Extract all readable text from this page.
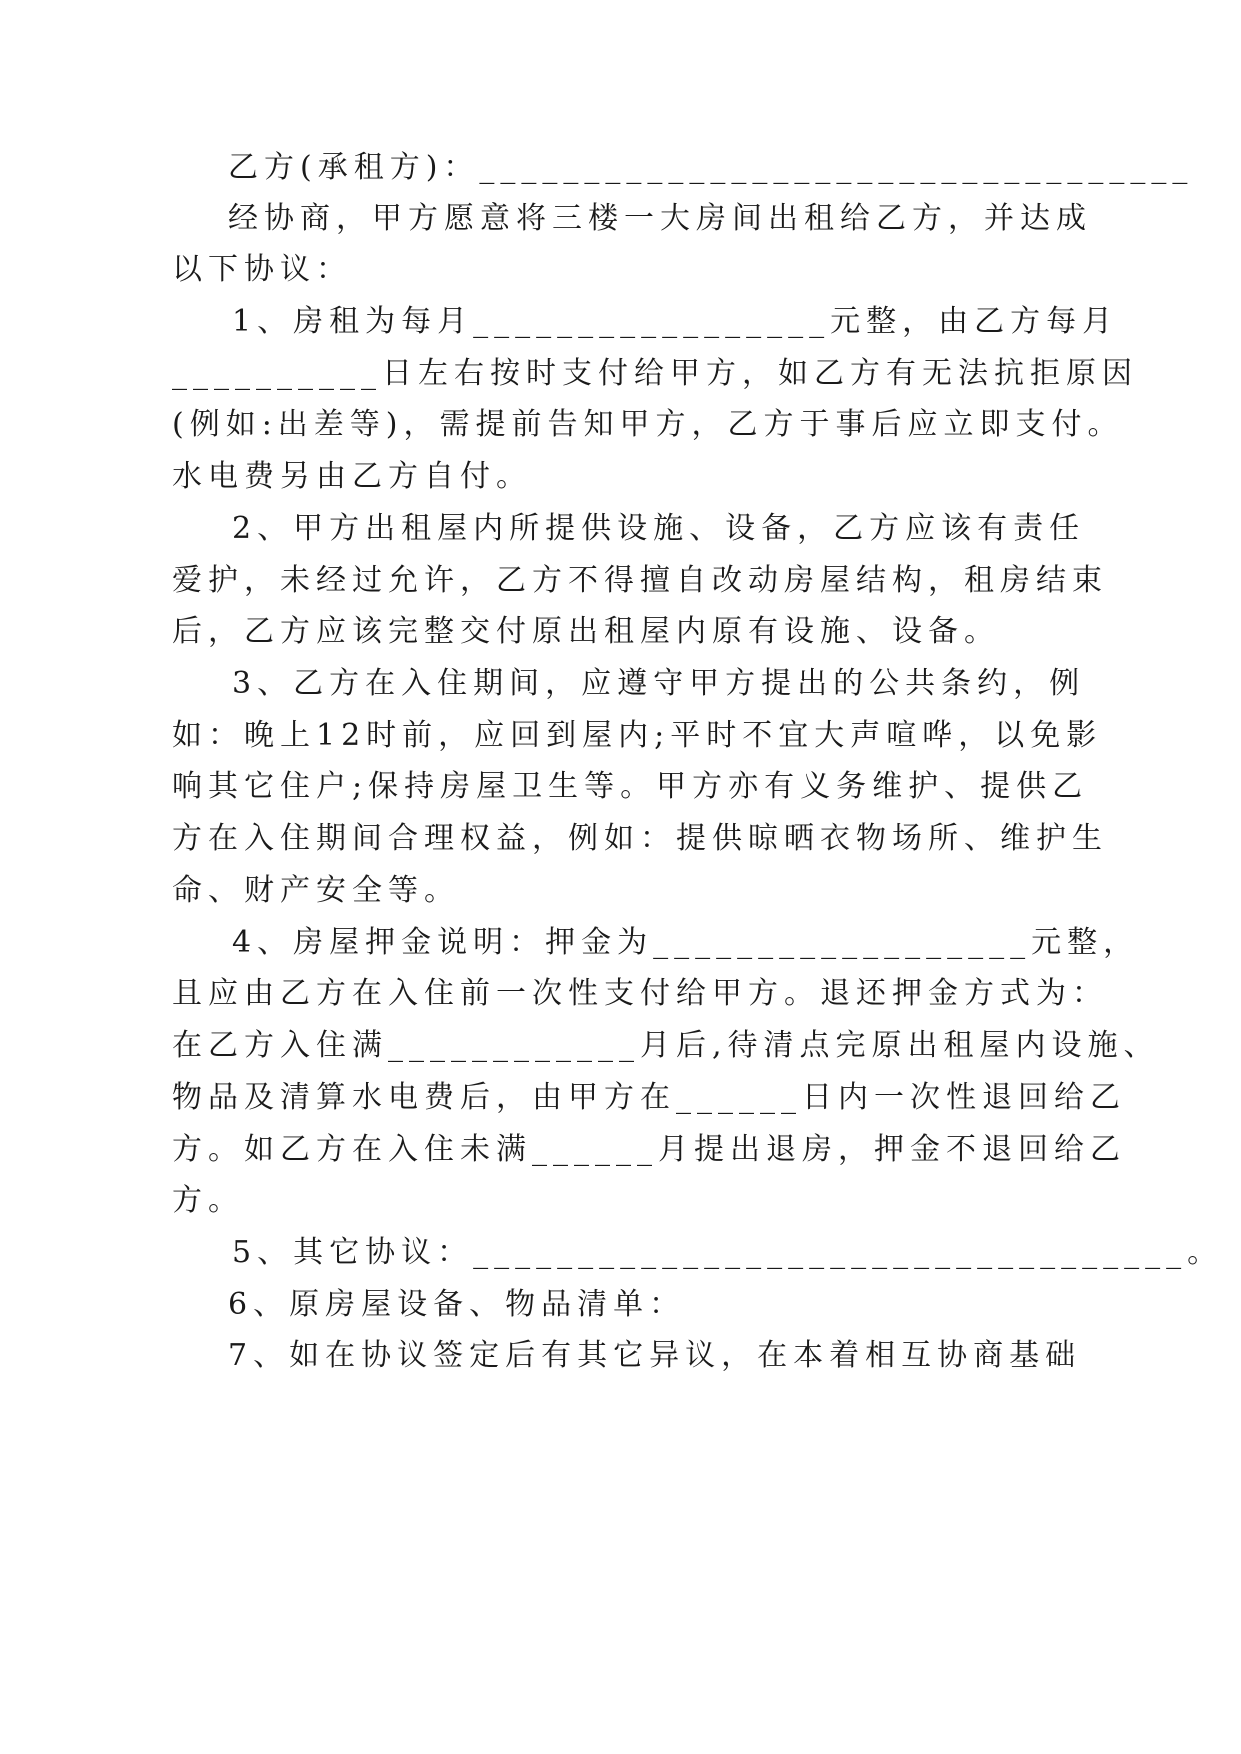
乙方(承租方)：__________________________________
经协商，甲方愿意将三楼一大房间出租给乙方，并达成
以下协议：
1、房租为每月_________________元整，由乙方每月
__________日左右按时支付给甲方，如乙方有无法抗拒原因
(例如:出差等)，需提前告知甲方，乙方于事后应立即支付。
水电费另由乙方自付。
2、甲方出租屋内所提供设施、设备，乙方应该有责任
爱护，未经过允许，乙方不得擅自改动房屋结构，租房结束
后，乙方应该完整交付原出租屋内原有设施、设备。
3、乙方在入住期间，应遵守甲方提出的公共条约，例
如：晚上12时前，应回到屋内;平时不宜大声喧哗，以免影
响其它住户;保持房屋卫生等。甲方亦有义务维护、提供乙
方在入住期间合理权益，例如：提供晾晒衣物场所、维护生
命、财产安全等。
4、房屋押金说明：押金为__________________元整，
且应由乙方在入住前一次性支付给甲方。退还押金方式为：
在乙方入住满____________月后,待清点完原出租屋内设施、
物品及清算水电费后，由甲方在______日内一次性退回给乙
方。如乙方在入住未满______月提出退房，押金不退回给乙
方。
5、其它协议：__________________________________。
6、原房屋设备、物品清单：
7、如在协议签定后有其它异议，在本着相互协商基础
